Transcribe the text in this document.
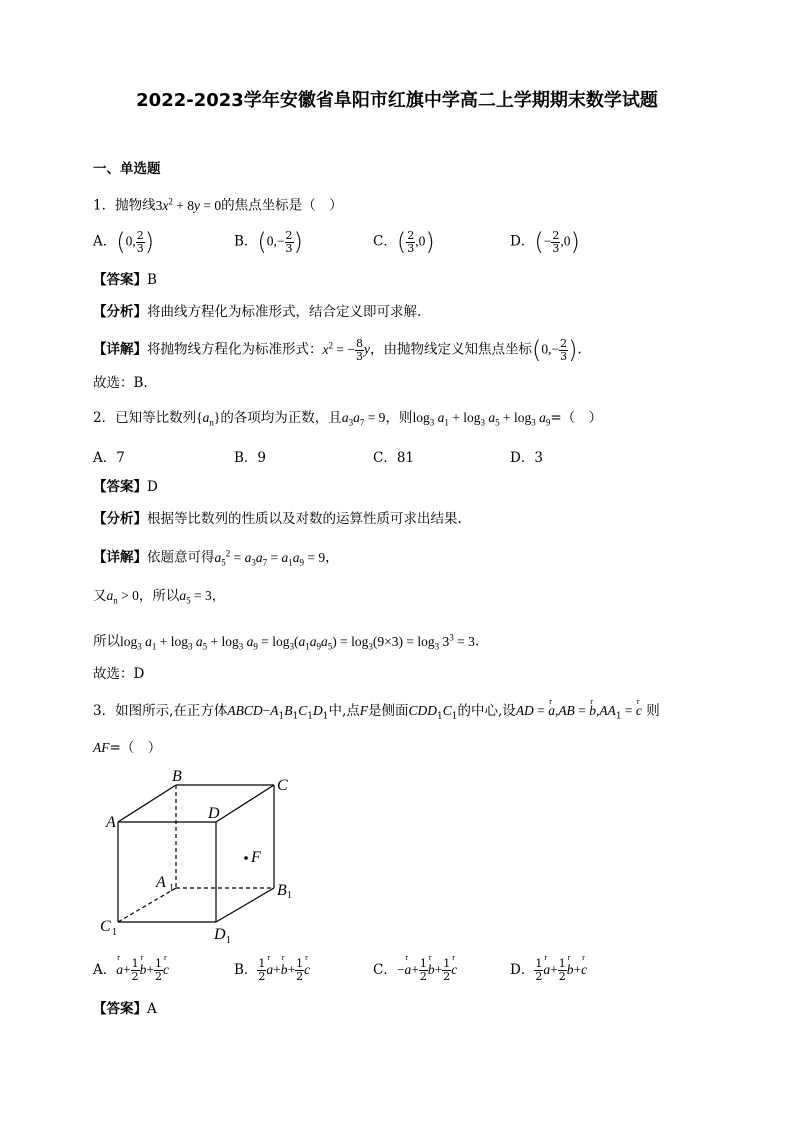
2022-2023学年安徽省阜阳市红旗中学高二上学期期末数学试题
一、单选题
1．抛物线$3x^2 + 8y = 0$的焦点坐标是（　）
A．(0, $\frac{2}{3}$ )	B．($0,- \frac{2}{3}$ )	C．( $\frac{2}{3} ,0$)	D．(− $\frac{2}{3} ,0$)
【答案】B
【分析】将曲线方程化为标准形式，结合定义即可求解.
【详解】将抛物线方程化为标准形式：$x^2$ = − $\frac{8}{3}$ y，由抛物线定义知焦点坐标($0,- \frac{2}{3}$ ).
故选：B.
2．已知等比数列$\{a_n\}$的各项均为正数，且$a_3a_7 = 9$，则$\log_3 a_1 + \log_3 a_5 + \log_3 a_9=$（　）
A．7	B．9	C．81	D．3
【答案】D
【分析】根据等比数列的性质以及对数的运算性质可求出结果.
【详解】依题意可得$a_5^2 = a_3a_7 = a_1a_9 = 9$，
又$a_n > 0$，所以$a_5 = 3$，
所以$\log_3 a_1 + \log_3 a_5 + \log_3 a_9 = \log_3(a_1a_9a_5) = \log_3(9\times 3) = \log_3 3^3 = 3$.
故选：D
3．如图所示,在正方体$ABCD-A_1B_1C_1D_1$中,点F是侧面$CDD_1C_1$的中心,设AD = r a,AB = r $b,AA_1 = r$ c 则
AF=（　）
A
B
C
D
F
A	B
C	D
1
1
1
1
A．r $a+ \frac{1}{2}$ r $b+ \frac{1}{2}$ r c	B． $\frac{1}{2}$ r a+r $b+ \frac{1}{2}$ r c	C．−r $a+ \frac{1}{2}$ r $b+ \frac{1}{2}$ r c	D． $\frac{1}{2}$ r $a+ \frac{1}{2}$ r b+r c
【答案】A
